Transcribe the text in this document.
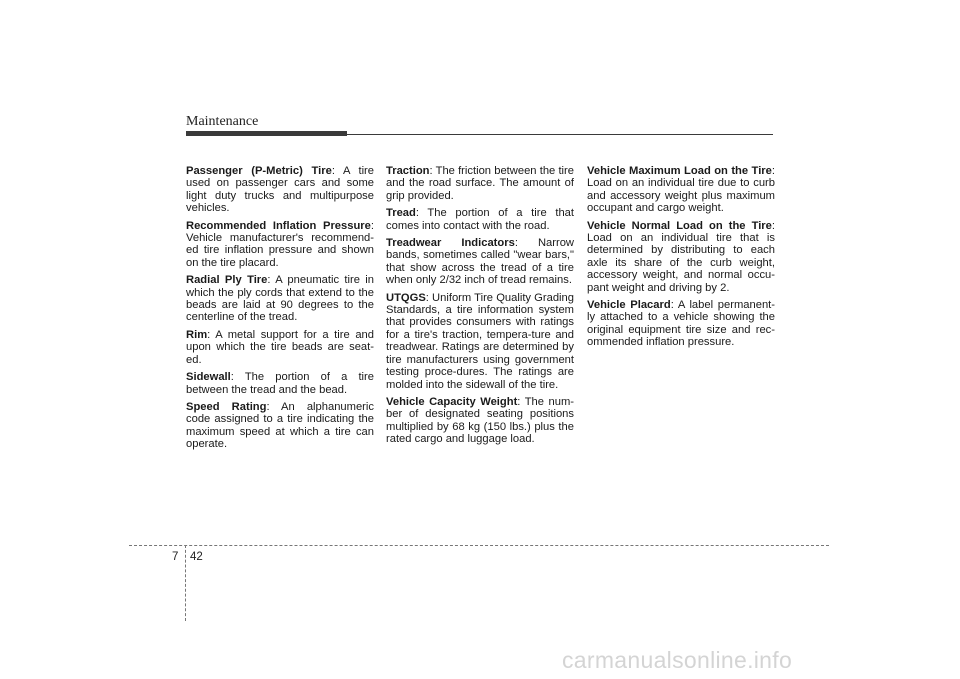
Maintenance

Passenger (P-Metric) Tire: A tire used on passenger cars and some light duty trucks and multipurpose vehicles.

Recommended Inflation Pressure: Vehicle manufacturer's recommend-ed tire inflation pressure and shown on the tire placard.

Radial Ply Tire: A pneumatic tire in which the ply cords that extend to the beads are laid at 90 degrees to the centerline of the tread.

Rim: A metal support for a tire and upon which the tire beads are seat-ed.

Sidewall: The portion of a tire between the tread and the bead.

Speed Rating: An alphanumeric code assigned to a tire indicating the maximum speed at which a tire can operate.

Traction: The friction between the tire and the road surface. The amount of grip provided.

Tread: The portion of a tire that comes into contact with the road.

Treadwear Indicators: Narrow bands, sometimes called "wear bars," that show across the tread of a tire when only 2/32 inch of tread remains.

UTQGS: Uniform Tire Quality Grading Standards, a tire information system that provides consumers with ratings for a tire's traction, tempera-ture and treadwear. Ratings are determined by tire manufacturers using government testing proce-dures. The ratings are molded into the sidewall of the tire.

Vehicle Capacity Weight: The num-ber of designated seating positions multiplied by 68 kg (150 lbs.) plus the rated cargo and luggage load.

Vehicle Maximum Load on the Tire: Load on an individual tire due to curb and accessory weight plus maximum occupant and cargo weight.

Vehicle Normal Load on the Tire: Load on an individual tire that is determined by distributing to each axle its share of the curb weight, accessory weight, and normal occu-pant weight and driving by 2.

Vehicle Placard: A label permanent-ly attached to a vehicle showing the original equipment tire size and rec-ommended inflation pressure.

7 42
carmanualsonline.info
